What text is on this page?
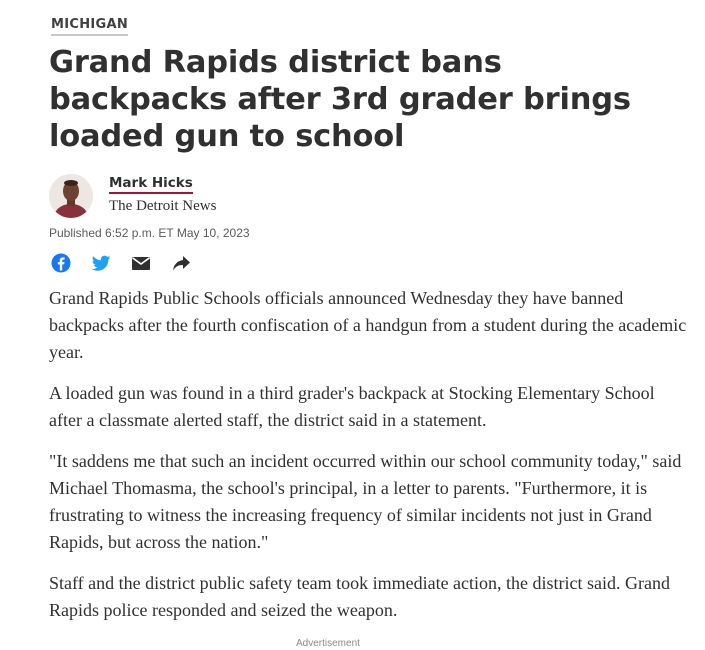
MICHIGAN
Grand Rapids district bans backpacks after 3rd grader brings loaded gun to school
Mark Hicks
The Detroit News
Published 6:52 p.m. ET May 10, 2023

Grand Rapids Public Schools officials announced Wednesday they have banned backpacks after the fourth confiscation of a handgun from a student during the academic year.

A loaded gun was found in a third grader's backpack at Stocking Elementary School after a classmate alerted staff, the district said in a statement.

"It saddens me that such an incident occurred within our school community today," said Michael Thomasma, the school's principal, in a letter to parents. "Furthermore, it is frustrating to witness the increasing frequency of similar incidents not just in Grand Rapids, but across the nation."

Staff and the district public safety team took immediate action, the district said. Grand Rapids police responded and seized the weapon.

Advertisement
